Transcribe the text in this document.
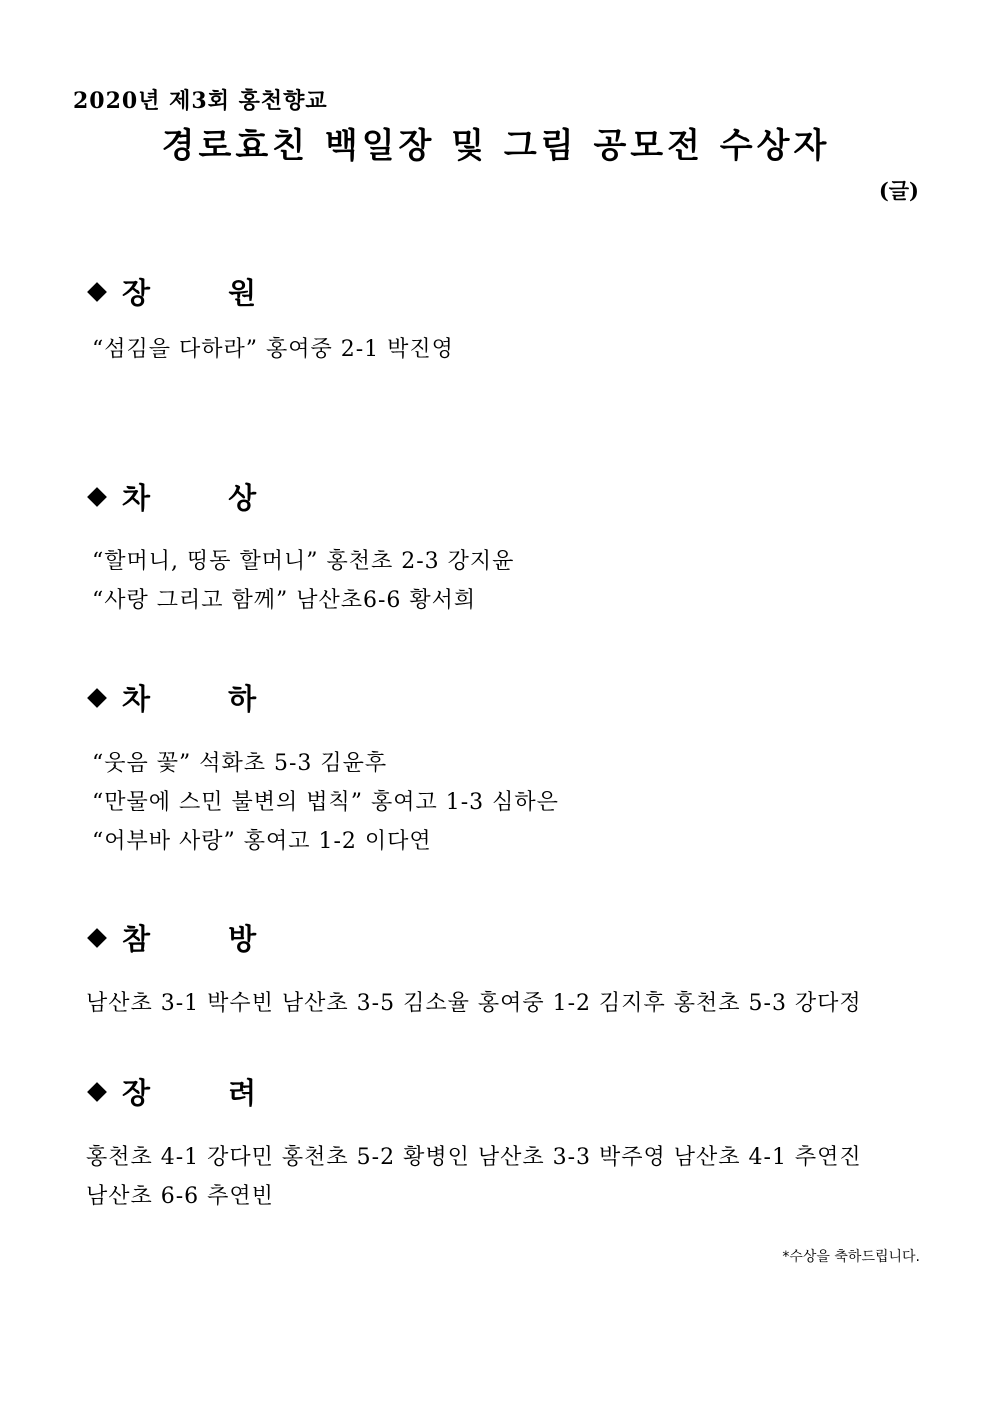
2020년 제3회 홍천향교
경로효친 백일장 및 그림 공모전 수상자
(글)
장 원
“섬김을 다하라” 홍여중 2-1 박진영
차 상
“할머니, 띵동 할머니” 홍천초 2-3 강지윤
“사랑 그리고 함께” 남산초6-6 황서희
차 하
“웃음 꽃” 석화초 5-3 김윤후
“만물에 스민 불변의 법칙” 홍여고 1-3 심하은
“어부바 사랑” 홍여고 1-2 이다연
참 방
남산초 3-1 박수빈 남산초 3-5 김소율 홍여중 1-2 김지후 홍천초 5-3 강다정
장 려
홍천초 4-1 강다민 홍천초 5-2 황병인 남산초 3-3 박주영 남산초 4-1 추연진
남산초 6-6 추연빈
*수상을 축하드립니다.
